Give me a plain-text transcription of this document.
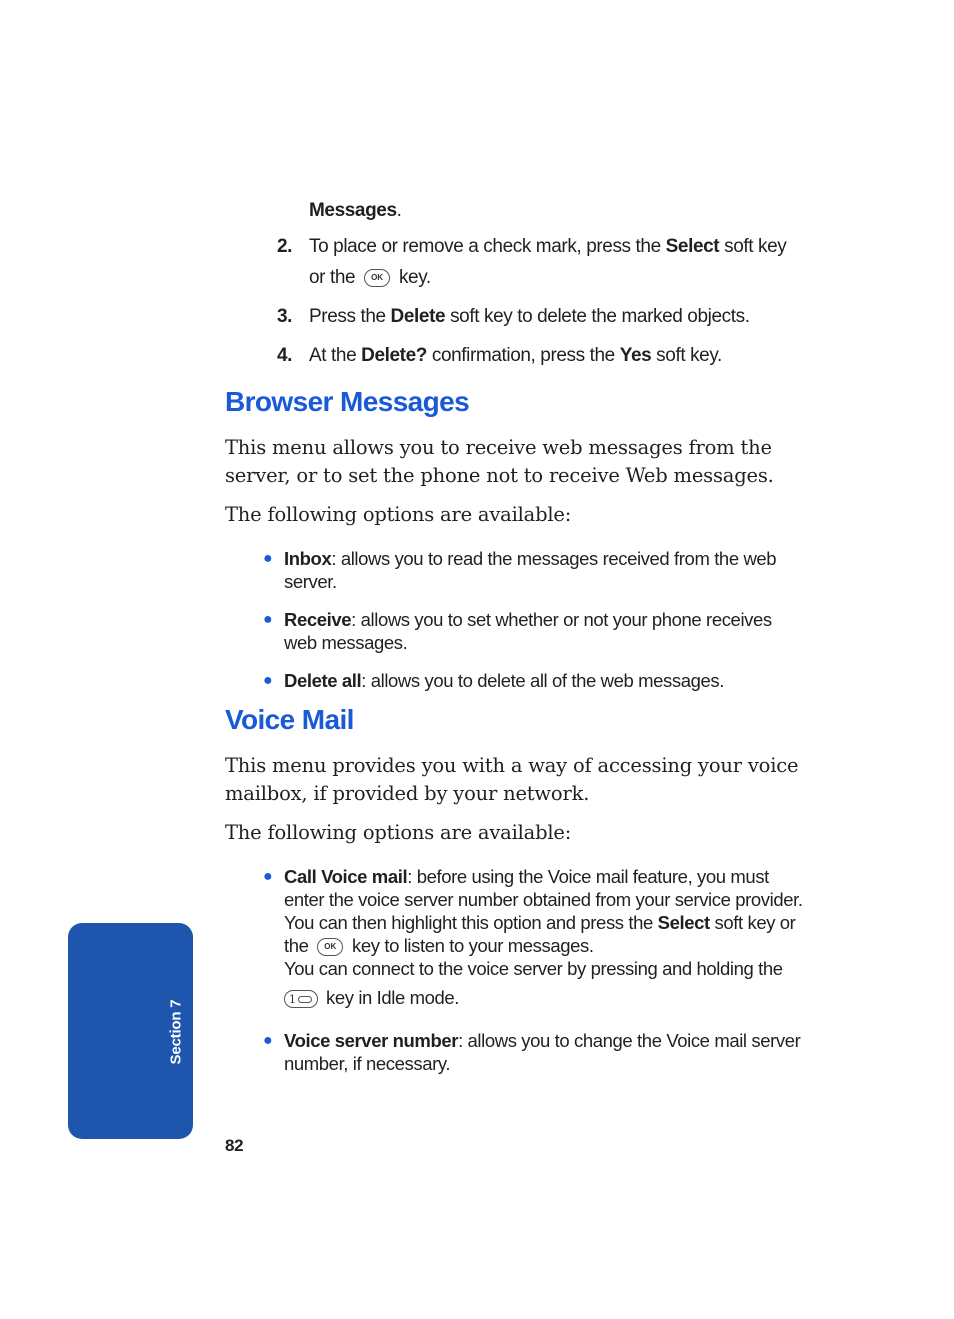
Messages.
2. To place or remove a check mark, press the Select soft key or the OK key.
3. Press the Delete soft key to delete the marked objects.
4. At the Delete? confirmation, press the Yes soft key.
Browser Messages

This menu allows you to receive web messages from the server, or to set the phone not to receive Web messages.

The following options are available:

● Inbox: allows you to read the messages received from the web server.
● Receive: allows you to set whether or not your phone receives web messages.
● Delete all: allows you to delete all of the web messages.
Voice Mail

This menu provides you with a way of accessing your voice mailbox, if provided by your network.

The following options are available:

● Call Voice mail: before using the Voice mail feature, you must enter the voice server number obtained from your service provider. You can then highlight this option and press the Select soft key or the OK key to listen to your messages.
You can connect to the voice server by pressing and holding the
1 key in Idle mode.
● Voice server number: allows you to change the Voice mail server number, if necessary.
Section 7
82
